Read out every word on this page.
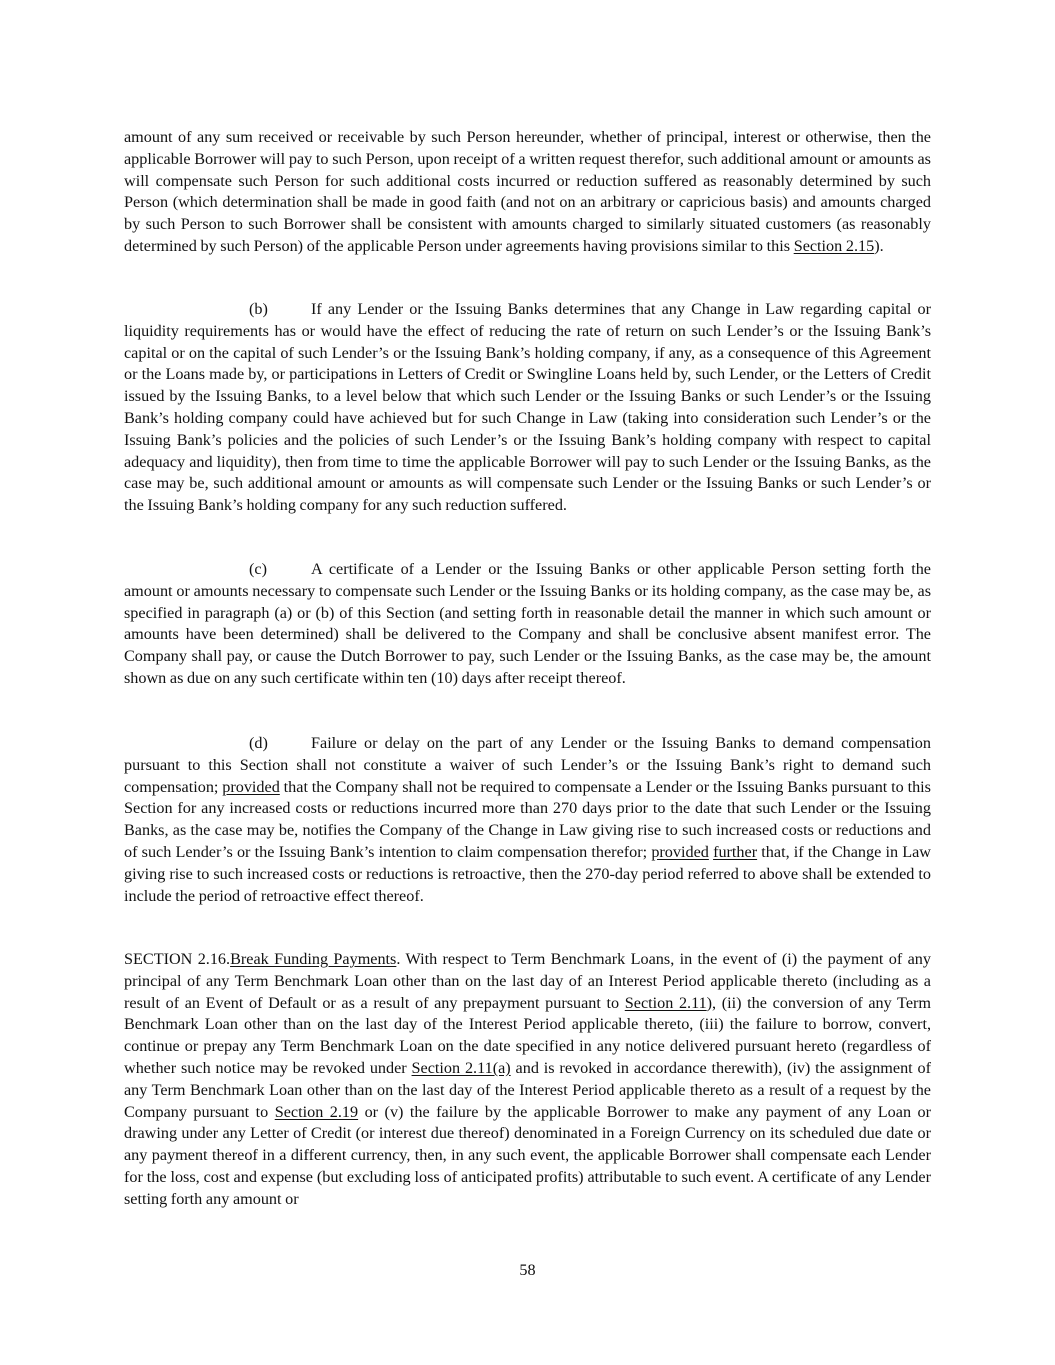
amount of any sum received or receivable by such Person hereunder, whether of principal, interest or otherwise, then the applicable Borrower will pay to such Person, upon receipt of a written request therefor, such additional amount or amounts as will compensate such Person for such additional costs incurred or reduction suffered as reasonably determined by such Person (which determination shall be made in good faith (and not on an arbitrary or capricious basis) and amounts charged by such Person to such Borrower shall be consistent with amounts charged to similarly situated customers (as reasonably determined by such Person) of the applicable Person under agreements having provisions similar to this Section 2.15).

(b)	If any Lender or the Issuing Banks determines that any Change in Law regarding capital or liquidity requirements has or would have the effect of reducing the rate of return on such Lender’s or the Issuing Bank’s capital or on the capital of such Lender’s or the Issuing Bank’s holding company, if any, as a consequence of this Agreement or the Loans made by, or participations in Letters of Credit or Swingline Loans held by, such Lender, or the Letters of Credit issued by the Issuing Banks, to a level below that which such Lender or the Issuing Banks or such Lender’s or the Issuing Bank’s holding company could have achieved but for such Change in Law (taking into consideration such Lender’s or the Issuing Bank’s policies and the policies of such Lender’s or the Issuing Bank’s holding company with respect to capital adequacy and liquidity), then from time to time the applicable Borrower will pay to such Lender or the Issuing Banks, as the case may be, such additional amount or amounts as will compensate such Lender or the Issuing Banks or such Lender’s or the Issuing Bank’s holding company for any such reduction suffered.

(c)	A certificate of a Lender or the Issuing Banks or other applicable Person setting forth the amount or amounts necessary to compensate such Lender or the Issuing Banks or its holding company, as the case may be, as specified in paragraph (a) or (b) of this Section (and setting forth in reasonable detail the manner in which such amount or amounts have been determined) shall be delivered to the Company and shall be conclusive absent manifest error. The Company shall pay, or cause the Dutch Borrower to pay, such Lender or the Issuing Banks, as the case may be, the amount shown as due on any such certificate within ten (10) days after receipt thereof.

(d)	Failure or delay on the part of any Lender or the Issuing Banks to demand compensation pursuant to this Section shall not constitute a waiver of such Lender’s or the Issuing Bank’s right to demand such compensation; provided that the Company shall not be required to compensate a Lender or the Issuing Banks pursuant to this Section for any increased costs or reductions incurred more than 270 days prior to the date that such Lender or the Issuing Banks, as the case may be, notifies the Company of the Change in Law giving rise to such increased costs or reductions and of such Lender’s or the Issuing Bank’s intention to claim compensation therefor; provided further that, if the Change in Law giving rise to such increased costs or reductions is retroactive, then the 270-day period referred to above shall be extended to include the period of retroactive effect thereof.

SECTION 2.16.Break Funding Payments. With respect to Term Benchmark Loans, in the event of (i) the payment of any principal of any Term Benchmark Loan other than on the last day of an Interest Period applicable thereto (including as a result of an Event of Default or as a result of any prepayment pursuant to Section 2.11), (ii) the conversion of any Term Benchmark Loan other than on the last day of the Interest Period applicable thereto, (iii) the failure to borrow, convert, continue or prepay any Term Benchmark Loan on the date specified in any notice delivered pursuant hereto (regardless of whether such notice may be revoked under Section 2.11(a) and is revoked in accordance therewith), (iv) the assignment of any Term Benchmark Loan other than on the last day of the Interest Period applicable thereto as a result of a request by the Company pursuant to Section 2.19 or (v) the failure by the applicable Borrower to make any payment of any Loan or drawing under any Letter of Credit (or interest due thereof) denominated in a Foreign Currency on its scheduled due date or any payment thereof in a different currency, then, in any such event, the applicable Borrower shall compensate each Lender for the loss, cost and expense (but excluding loss of anticipated profits) attributable to such event. A certificate of any Lender setting forth any amount or

58
